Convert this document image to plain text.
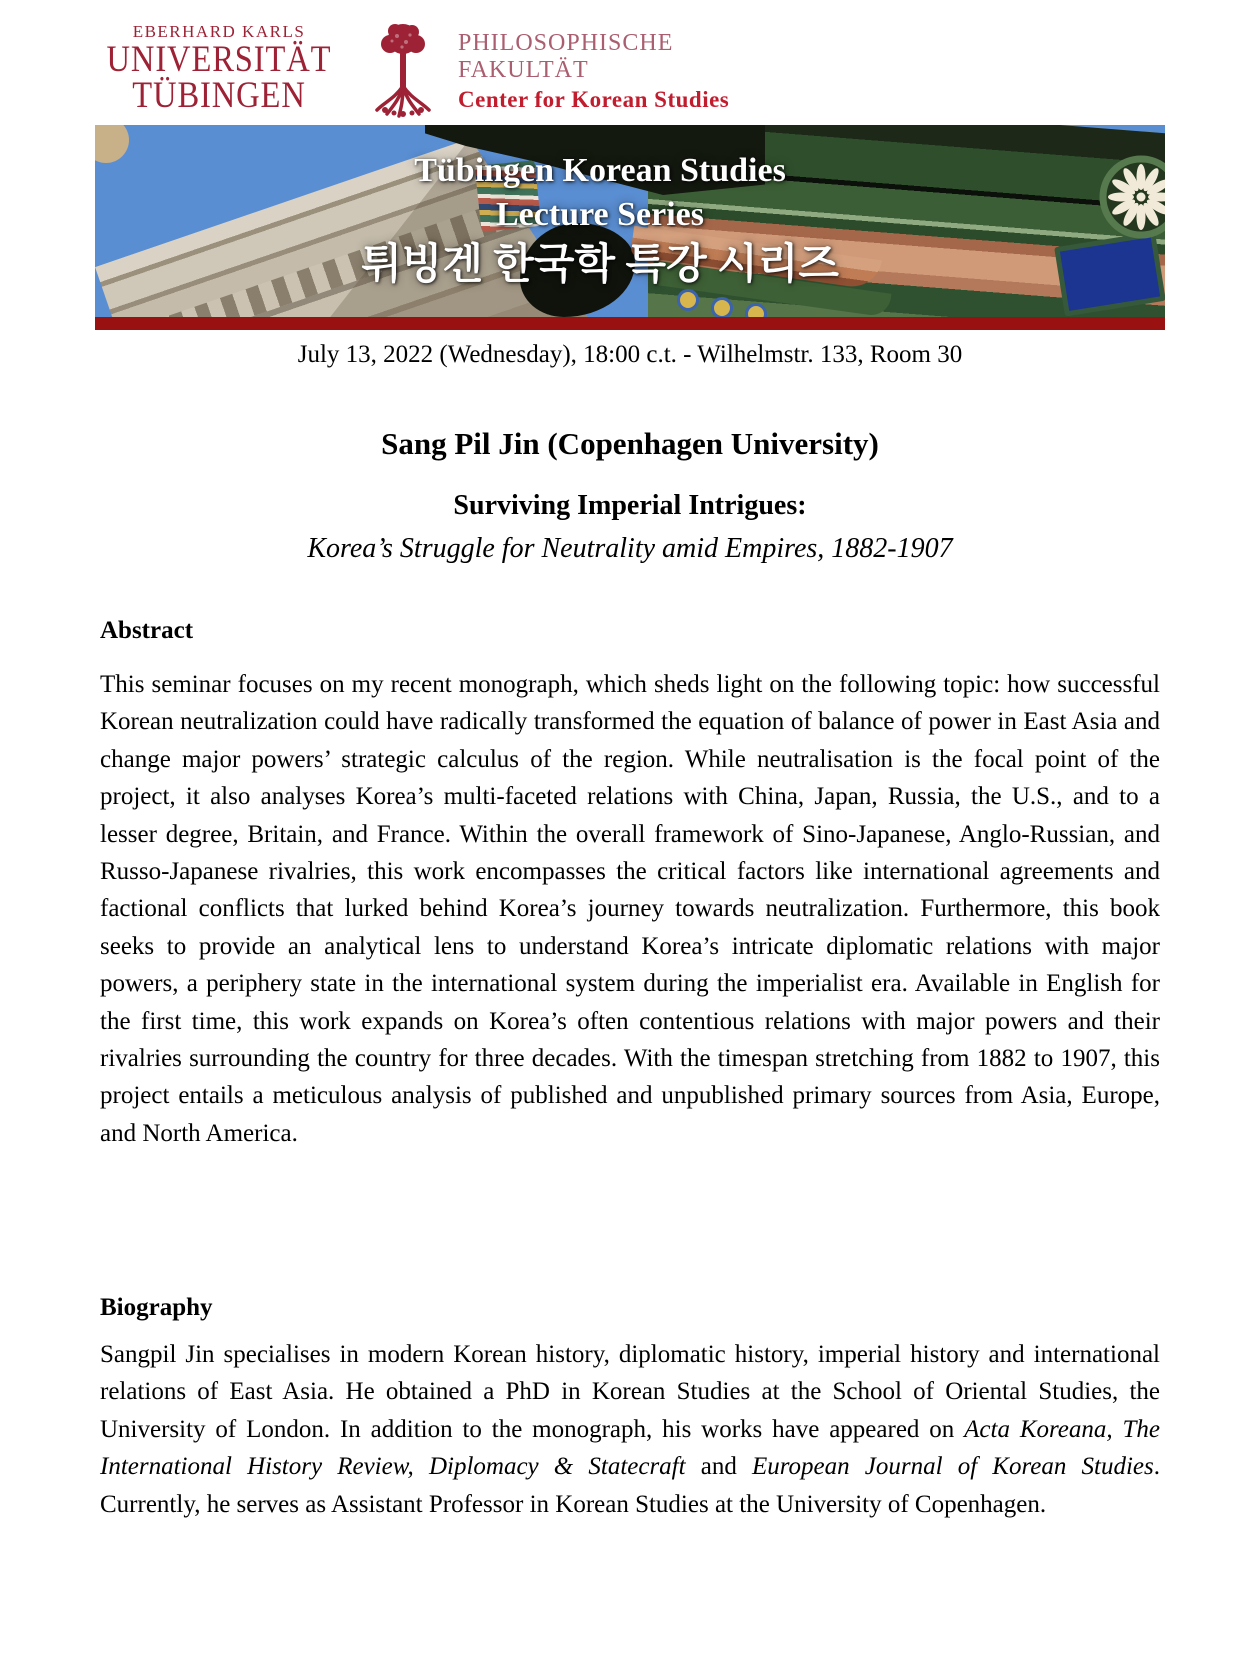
EBERHARD KARLS
UNIVERSITÄT
TÜBINGEN
PHILOSOPHISCHE
FAKULTÄT
Center for Korean Studies
Tübingen Korean Studies
Lecture Series
튀빙겐 한국학 특강 시리즈
July 13, 2022 (Wednesday), 18:00 c.t. - Wilhelmstr. 133, Room 30
Sang Pil Jin (Copenhagen University)
Surviving Imperial Intrigues:
Korea’s Struggle for Neutrality amid Empires, 1882-1907
Abstract

This seminar focuses on my recent monograph, which sheds light on the following topic: how successful Korean neutralization could have radically transformed the equation of balance of power in East Asia and change major powers’ strategic calculus of the region. While neutralisation is the focal point of the project, it also analyses Korea’s multi-faceted relations with China, Japan, Russia, the U.S., and to a lesser degree, Britain, and France. Within the overall framework of Sino-Japanese, Anglo-Russian, and Russo-Japanese rivalries, this work encompasses the critical factors like international agreements and factional conflicts that lurked behind Korea’s journey towards neutralization. Furthermore, this book seeks to provide an analytical lens to understand Korea’s intricate diplomatic relations with major powers, a periphery state in the international system during the imperialist era. Available in English for the first time, this work expands on Korea’s often contentious relations with major powers and their rivalries surrounding the country for three decades. With the timespan stretching from 1882 to 1907, this project entails a meticulous analysis of published and unpublished primary sources from Asia, Europe, and North America.

Biography

Sangpil Jin specialises in modern Korean history, diplomatic history, imperial history and international relations of East Asia. He obtained a PhD in Korean Studies at the School of Oriental Studies, the University of London. In addition to the monograph, his works have appeared on Acta Koreana, The International History Review, Diplomacy & Statecraft and European Journal of Korean Studies. Currently, he serves as Assistant Professor in Korean Studies at the University of Copenhagen.
